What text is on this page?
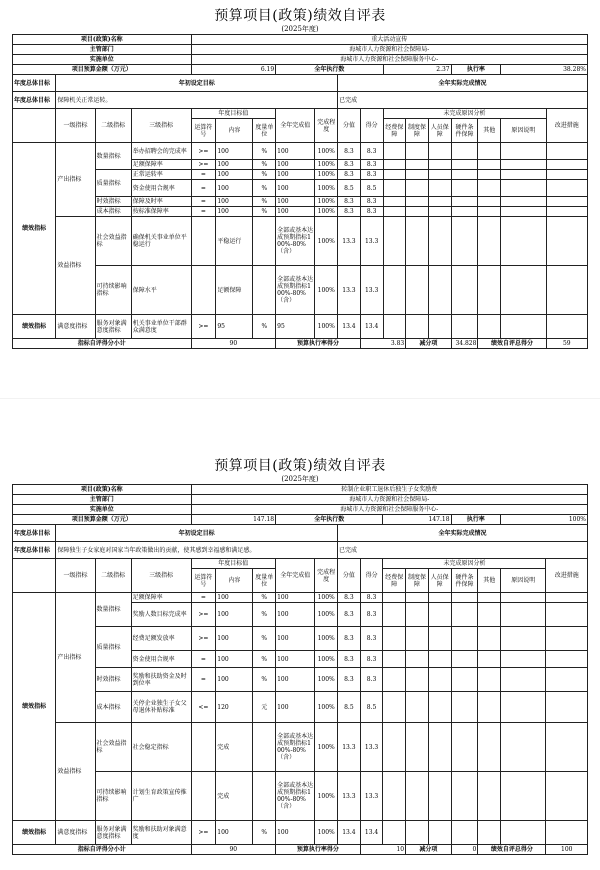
预算项目(政策)绩效自评表
(2025年度)
项目(政策)名称				重大活动宣传													
主管部门				海城市人力资源和社会保障局-													
实施单位				海城市人力资源和社会保障服务中心-													
项目预算金额（万元）				6.19			全年执行数				2.37			执行率		38.28%	
年度总体目标	年初设定目标								全年实际完成情况								
年度总体目标	保障机关正常运转。								已完成								
	一级指标	二级指标	三级指标	年度目标值			全年完成值	完成程度	分值	得分	未完成原因分析						改进措施
				运算符号	内容	度量单位					经费保障	制度保障	人员保障	硬件条件保障	其他	原因说明	
绩效指标	产出指标	数量指标	举办招聘会的完成率	>=	100	%	100	100%	8.3	8.3							
			足额保障率	>=	100	%	100	100%	8.3	8.3							
		质量指标	正常运转率	=	100	%	100	100%	8.3	8.3							
			资金使用合规率	=	100	%	100	100%	8.5	8.5							
		时效指标	保障及时率	=	100	%	100	100%	8.3	8.3							
		成本指标	按标准保障率	=	100	%	100	100%	8.3	8.3							
	效益指标	社会效益指标	确保机关事业单位平稳运行		平稳运行		全部或基本达成预期指标100%-80%（含）	100%	13.3	13.3							
		可持续影响指标	保障水平		足额保障		全部或基本达成预期指标100%-80%（含）	100%	13.3	13.3							
绩效指标	满意度指标	服务对象满意度指标	机关事业单位干部群众满意度	>=	95	%	95	100%	13.4	13.4							
指标自评得分小计				90			预算执行率得分			3.83		减分项		34.828	绩效自评总得分		59
预算项目(政策)绩效自评表
(2025年度)
项目(政策)名称				转制企业职工退休后独生子女奖励费													
主管部门				海城市人力资源和社会保障局-													
实施单位				海城市人力资源和社会保障服务中心-													
项目预算金额（万元）				147.18			全年执行数				147.18			执行率		100%	
年度总体目标	年初设定目标								全年实际完成情况								
年度总体目标	保障独生子女家庭对国家当年政策做出的贡献，使其感到幸福感和满足感。								已完成								
	一级指标	二级指标	三级指标	年度目标值			全年完成值	完成程度	分值	得分	未完成原因分析						改进措施
				运算符号	内容	度量单位					经费保障	制度保障	人员保障	硬件条件保障	其他	原因说明	
绩效指标	产出指标	数量指标	足额保障率	=	100	%	100	100%	8.3	8.3							
			奖励人数目标完成率	>=	100	%	100	100%	8.3	8.3							
		质量指标	经费足额发放率	>=	100	%	100	100%	8.3	8.3							
			资金使用合规率	=	100	%	100	100%	8.3	8.3							
		时效指标	奖励和扶助资金及时到位率	=	100	%	100	100%	8.3	8.3							
		成本指标	关停企业独生子女父母退休补贴标准	<=	120	元	100	100%	8.5	8.5							
	效益指标	社会效益指标	社会稳定指标		完成		全部或基本达成预期指标100%-80%（含）	100%	13.3	13.3							
		可持续影响指标	计划生育政策宣传推广		完成		全部或基本达成预期指标100%-80%（含）	100%	13.3	13.3							
绩效指标	满意度指标	服务对象满意度指标	奖励和扶助对象满意度	>=	100	%	100	100%	13.4	13.4							
指标自评得分小计				90			预算执行率得分			10		减分项		0	绩效自评总得分		100
